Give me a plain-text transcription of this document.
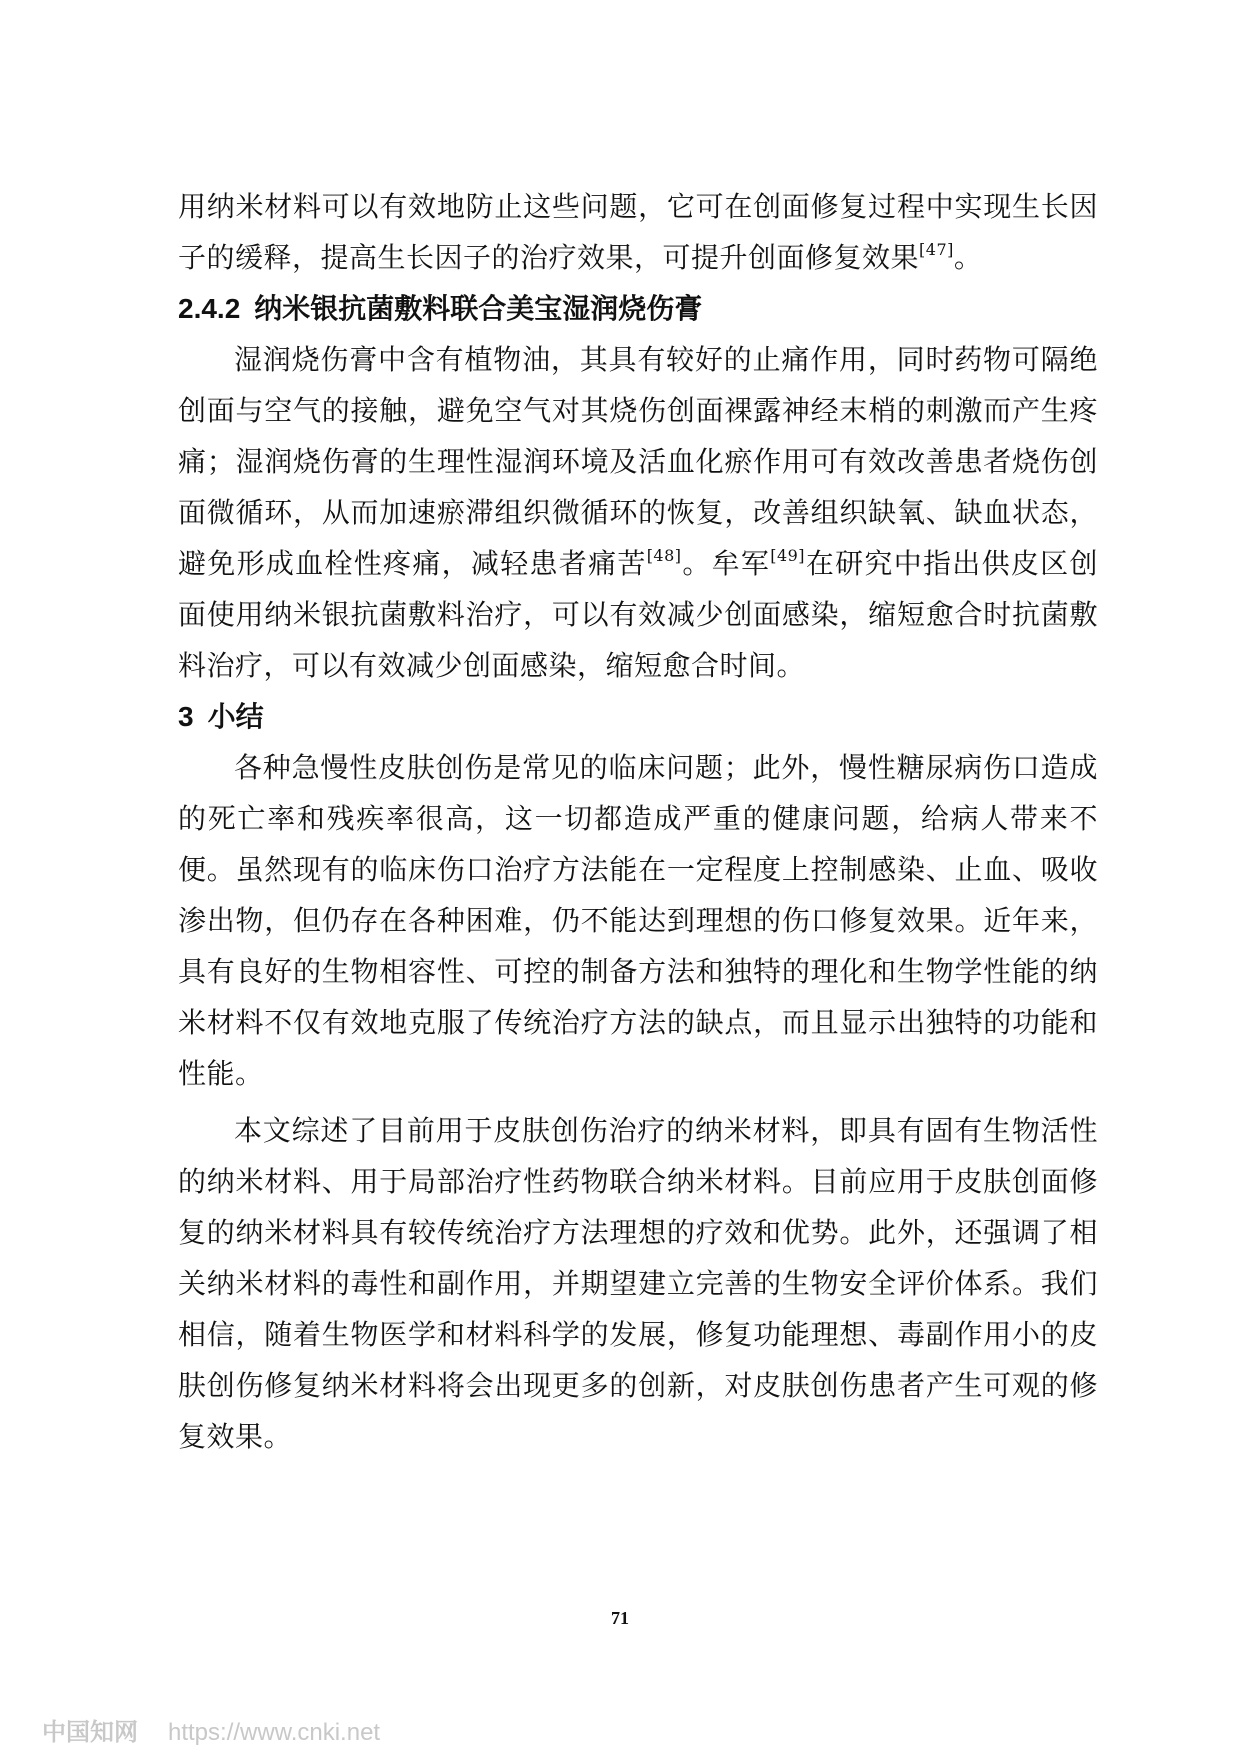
用纳米材料可以有效地防止这些问题，它可在创面修复过程中实现生长因子的缓释，提高生长因子的治疗效果，可提升创面修复效果[47]。

2.4.2 纳米银抗菌敷料联合美宝湿润烧伤膏

湿润烧伤膏中含有植物油，其具有较好的止痛作用，同时药物可隔绝创面与空气的接触，避免空气对其烧伤创面裸露神经末梢的刺激而产生疼痛；湿润烧伤膏的生理性湿润环境及活血化瘀作用可有效改善患者烧伤创面微循环，从而加速瘀滞组织微循环的恢复，改善组织缺氧、缺血状态，避免形成血栓性疼痛，减轻患者痛苦[48]。牟军[49]在研究中指出供皮区创面使用纳米银抗菌敷料治疗，可以有效减少创面感染，缩短愈合时抗菌敷料治疗，可以有效减少创面感染，缩短愈合时间。

3 小结

各种急慢性皮肤创伤是常见的临床问题；此外，慢性糖尿病伤口造成的死亡率和残疾率很高，这一切都造成严重的健康问题，给病人带来不便。虽然现有的临床伤口治疗方法能在一定程度上控制感染、止血、吸收渗出物，但仍存在各种困难，仍不能达到理想的伤口修复效果。近年来，具有良好的生物相容性、可控的制备方法和独特的理化和生物学性能的纳米材料不仅有效地克服了传统治疗方法的缺点，而且显示出独特的功能和性能。

本文综述了目前用于皮肤创伤治疗的纳米材料，即具有固有生物活性的纳米材料、用于局部治疗性药物联合纳米材料。目前应用于皮肤创面修复的纳米材料具有较传统治疗方法理想的疗效和优势。此外，还强调了相关纳米材料的毒性和副作用，并期望建立完善的生物安全评价体系。我们相信，随着生物医学和材料科学的发展，修复功能理想、毒副作用小的皮肤创伤修复纳米材料将会出现更多的创新，对皮肤创伤患者产生可观的修复效果。

71
中国知网 https://www.cnki.net
